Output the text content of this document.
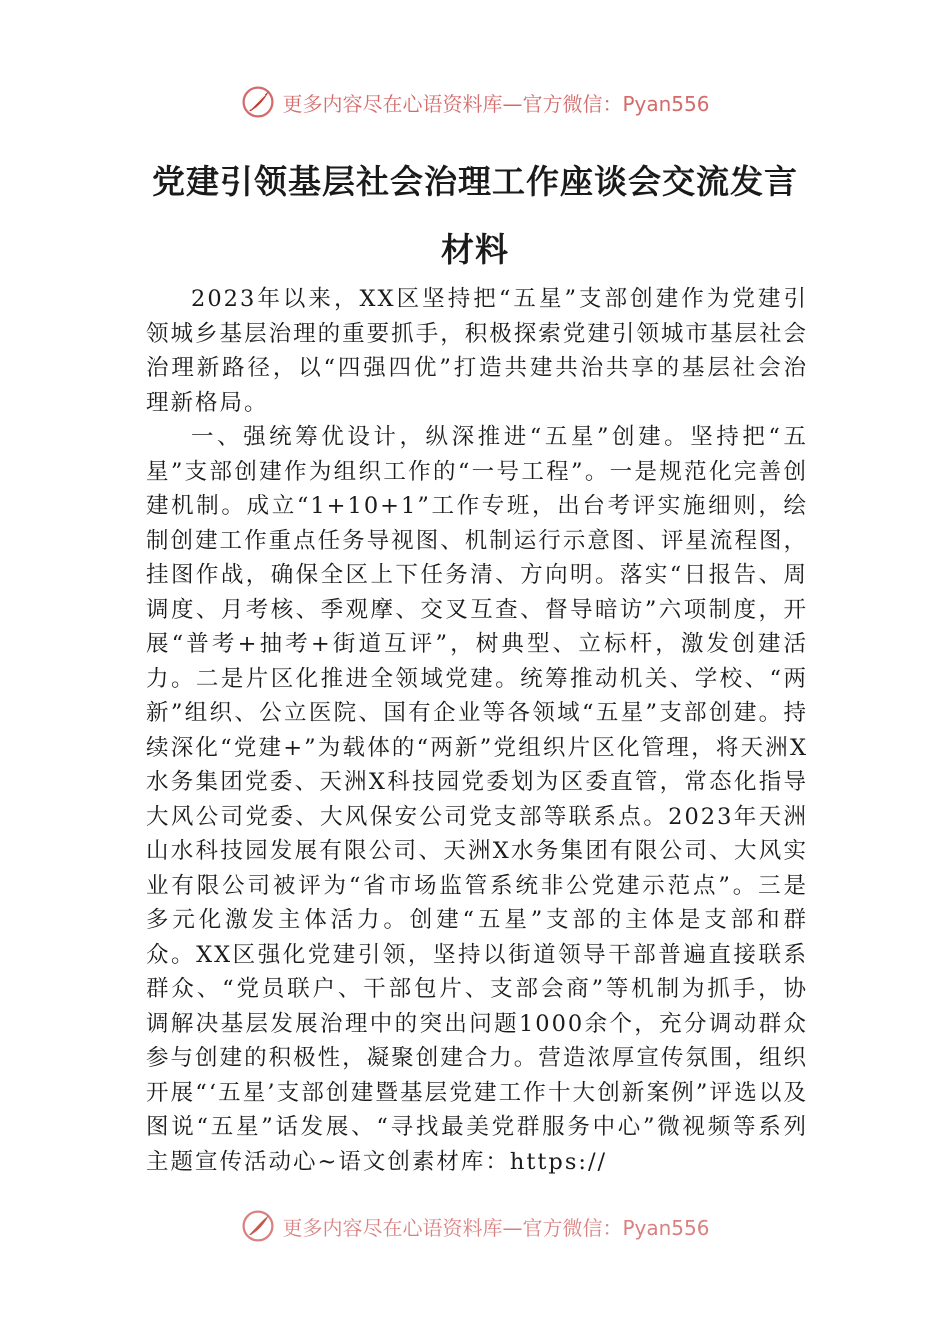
更多内容尽在心语资料库—官方微信：Pyan556
党建引领基层社会治理工作座谈会交流发言材料

2023年以来，XX区坚持把“五星”支部创建作为党建引领城乡基层治理的重要抓手，积极探索党建引领城市基层社会治理新路径，以“四强四优”打造共建共治共享的基层社会治理新格局。

一、强统筹优设计，纵深推进“五星”创建。坚持把“五星”支部创建作为组织工作的“一号工程”。一是规范化完善创建机制。成立“1+10+1”工作专班，出台考评实施细则，绘制创建工作重点任务导视图、机制运行示意图、评星流程图，挂图作战，确保全区上下任务清、方向明。落实“日报告、周调度、月考核、季观摩、交叉互查、督导暗访”六项制度，开展“普考+抽考+街道互评”，树典型、立标杆，激发创建活力。二是片区化推进全领域党建。统筹推动机关、学校、“两新”组织、公立医院、国有企业等各领域“五星”支部创建。持续深化“党建+”为载体的“两新”党组织片区化管理，将天洲X水务集团党委、天洲X科技园党委划为区委直管，常态化指导大风公司党委、大风保安公司党支部等联系点。2023年天洲山水科技园发展有限公司、天洲X水务集团有限公司、大风实业有限公司被评为“省市场监管系统非公党建示范点”。三是多元化激发主体活力。创建“五星”支部的主体是支部和群众。XX区强化党建引领，坚持以街道领导干部普遍直接联系群众、“党员联户、干部包片、支部会商”等机制为抓手，协调解决基层发展治理中的突出问题1000余个，充分调动群众参与创建的积极性，凝聚创建合力。营造浓厚宣传氛围，组织开展“‘五星’支部创建暨基层党建工作十大创新案例”评选以及图说“五星”话发展、“寻找最美党群服务中心”微视频等系列主题宣传活动心~语文创素材库：https://

更多内容尽在心语资料库—官方微信：Pyan556
